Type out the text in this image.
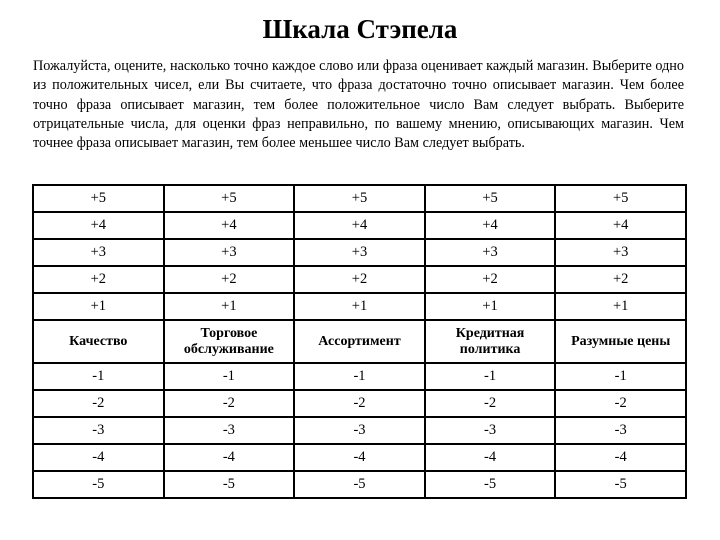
Шкала Стэпела
Пожалуйста, оцените, насколько точно каждое слово или фраза оценивает каждый магазин. Выберите одно из положительных чисел, ели Вы считаете, что фраза достаточно точно описывает магазин. Чем более точно фраза описывает магазин, тем более положительное число Вам следует выбрать. Выберите отрицательные числа, для оценки фраз неправильно, по вашему мнению, описывающих магазин. Чем точнее фраза описывает магазин, тем более меньшее число Вам следует выбрать.
+5	+5	+5	+5	+5
+4	+4	+4	+4	+4
+3	+3	+3	+3	+3
+2	+2	+2	+2	+2
+1	+1	+1	+1	+1
Качество	Торговое обслуживание	Ассортимент	Кредитная политика	Разумные цены
-1	-1	-1	-1	-1
-2	-2	-2	-2	-2
-3	-3	-3	-3	-3
-4	-4	-4	-4	-4
-5	-5	-5	-5	-5
